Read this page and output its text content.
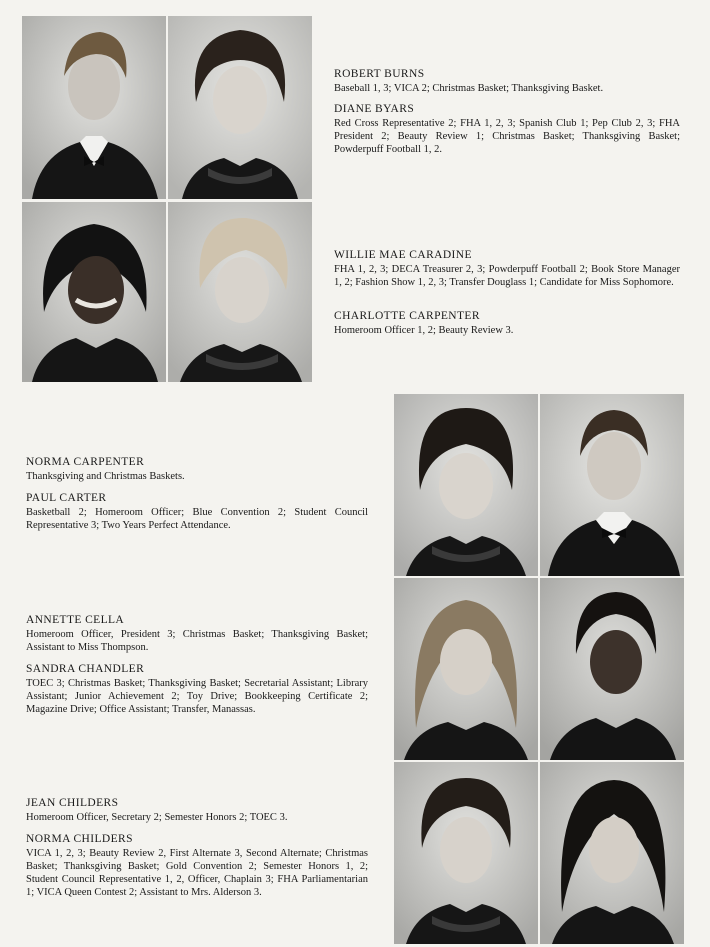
ROBERT BURNS
Baseball 1, 3; VICA 2; Christmas Basket; Thanksgiving Basket.
DIANE BYARS
Red Cross Representative 2; FHA 1, 2, 3; Spanish Club 1; Pep Club 2, 3; FHA President 2; Beauty Review 1; Christmas Basket; Thanksgiving Basket; Powderpuff Football 1, 2.
WILLIE MAE CARADINE
FHA 1, 2, 3; DECA Treasurer 2, 3; Powderpuff Football 2; Book Store Manager 1, 2; Fashion Show 1, 2, 3; Transfer Douglass 1; Candidate for Miss Sophomore.
CHARLOTTE CARPENTER
Homeroom Officer 1, 2; Beauty Review 3.
NORMA CARPENTER
Thanksgiving and Christmas Baskets.
PAUL CARTER
Basketball 2; Homeroom Officer; Blue Convention 2; Student Council Representative 3; Two Years Perfect Attendance.
ANNETTE CELLA
Homeroom Officer, President 3; Christmas Basket; Thanksgiving Basket; Assistant to Miss Thompson.
SANDRA CHANDLER
TOEC 3; Christmas Basket; Thanksgiving Basket; Secretarial Assistant; Library Assistant; Junior Achievement 2; Toy Drive; Bookkeeping Certificate 2; Magazine Drive; Office Assistant; Transfer, Manassas.
JEAN CHILDERS
Homeroom Officer, Secretary 2; Semester Honors 2; TOEC 3.
NORMA CHILDERS
VICA 1, 2, 3; Beauty Review 2, First Alternate 3, Second Alternate; Christmas Basket; Thanksgiving Basket; Gold Convention 2; Semester Honors 1, 2; Student Council Representative 1, 2, Officer, Chaplain 3; FHA Parliamentarian 1; VICA Queen Contest 2; Assistant to Mrs. Alderson 3.
